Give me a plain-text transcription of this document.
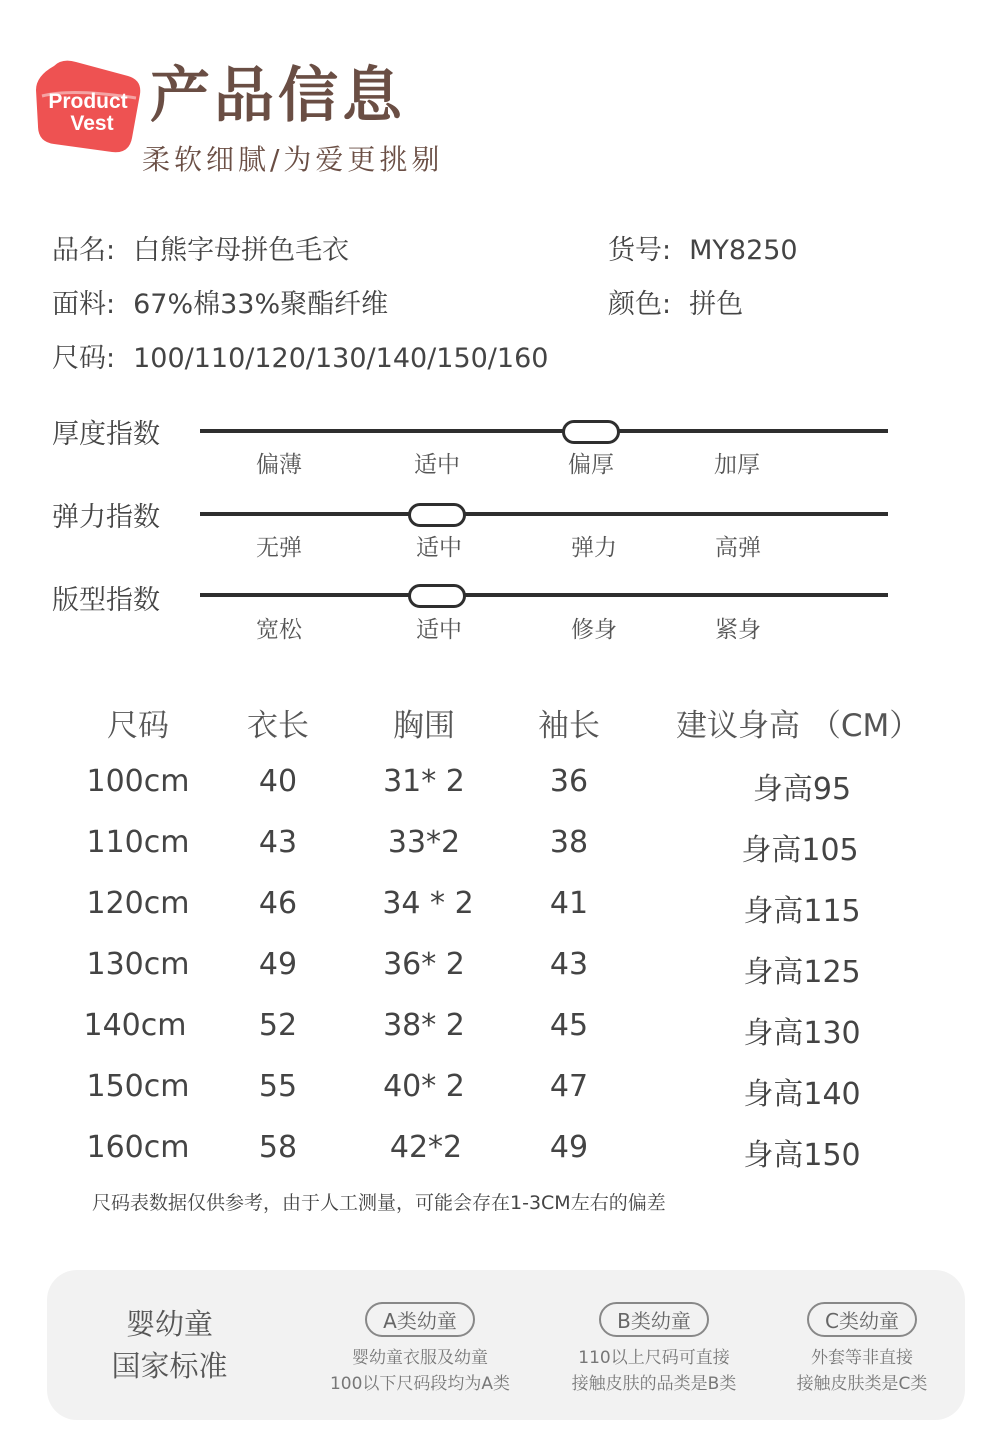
Product
Vest 产品信息
柔软细腻/为爱更挑剔
品名: 白熊字母拼色毛衣	货号: MY8250
面料: 67%棉33%聚酯纤维	颜色: 拼色
尺码: 100/110/120/130/140/150/160
厚度指数
偏薄	适中	偏厚	加厚
弹力指数
无弹	适中	弹力	高弹
版型指数
宽松	适中	修身	紧身
尺码	衣长	胸围	袖长	建议身高 （CM）
100cm	40	31* 2	36	身高95
110cm	43	33*2	38	身高105
120cm	46	34 * 2	41	身高115
130cm	49	36* 2	43	身高125
140cm	52	38* 2	45	身高130
150cm	55	40* 2	47	身高140
160cm	58	42*2	49	身高150
尺码表数据仅供参考，由于人工测量，可能会存在1-3CM左右的偏差
婴幼童
国家标准
A类幼童
婴幼童衣服及幼童
100以下尺码段均为A类
B类幼童
110以上尺码可直接
接触皮肤的品类是B类
C类幼童
外套等非直接
接触皮肤类是C类
